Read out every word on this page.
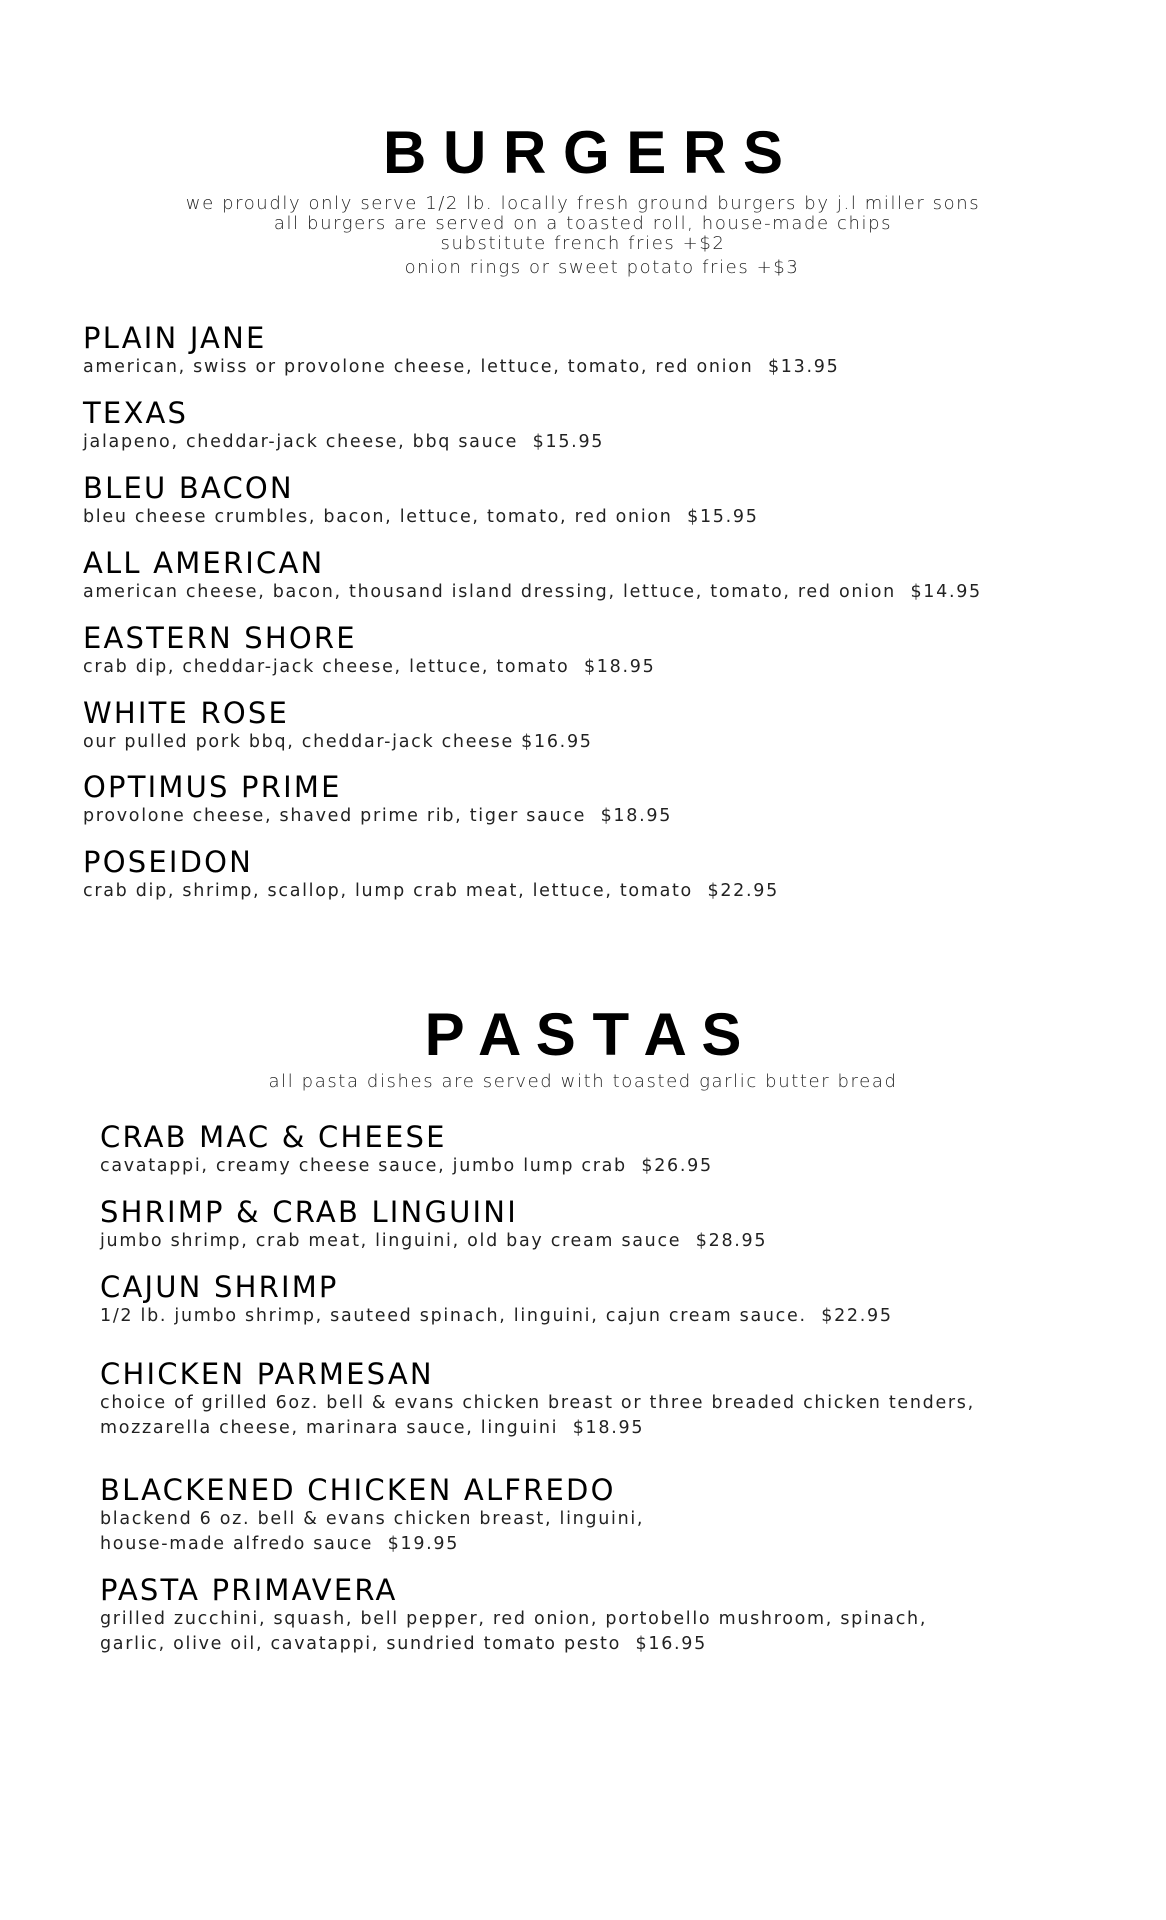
B U R G E R S
we proudly only serve 1/2 lb. locally fresh ground burgers by j.l miller sons
all burgers are served on a toasted roll, house-made chips
substitute french fries +$2
onion rings or sweet potato fries +$3
PLAIN JANE
american, swiss or provolone cheese, lettuce, tomato, red onion  $13.95
TEXAS
jalapeno, cheddar-jack cheese, bbq sauce  $15.95
BLEU BACON
bleu cheese crumbles, bacon, lettuce, tomato, red onion  $15.95
ALL AMERICAN
american cheese, bacon, thousand island dressing, lettuce, tomato, red onion  $14.95
EASTERN SHORE
crab dip, cheddar-jack cheese, lettuce, tomato  $18.95
WHITE ROSE
our pulled pork bbq, cheddar-jack cheese $16.95
OPTIMUS PRIME
provolone cheese, shaved prime rib, tiger sauce  $18.95
POSEIDON
crab dip, shrimp, scallop, lump crab meat, lettuce, tomato  $22.95
P A S T A S
all pasta dishes are served with toasted garlic butter bread
CRAB MAC & CHEESE
cavatappi, creamy cheese sauce, jumbo lump crab  $26.95
SHRIMP & CRAB LINGUINI
jumbo shrimp, crab meat, linguini, old bay cream sauce  $28.95
CAJUN SHRIMP
1/2 lb. jumbo shrimp, sauteed spinach, linguini, cajun cream sauce.  $22.95
CHICKEN PARMESAN
choice of grilled 6oz. bell & evans chicken breast or three breaded chicken tenders,
mozzarella cheese, marinara sauce, linguini  $18.95
BLACKENED CHICKEN ALFREDO
blackend 6 oz. bell & evans chicken breast, linguini,
house-made alfredo sauce  $19.95
PASTA PRIMAVERA
grilled zucchini, squash, bell pepper, red onion, portobello mushroom, spinach,
garlic, olive oil, cavatappi, sundried tomato pesto  $16.95
